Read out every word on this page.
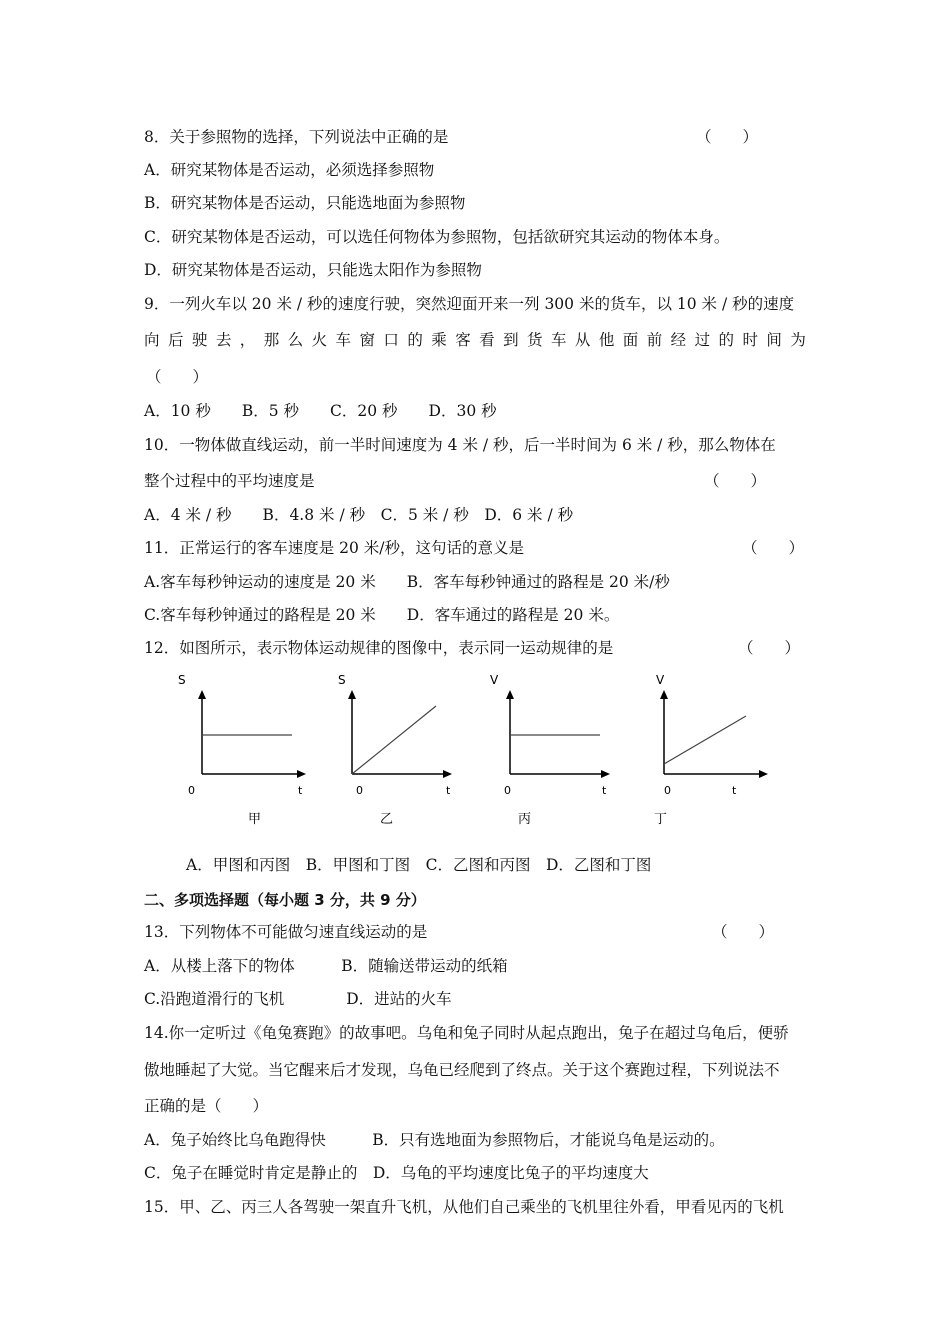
8．关于参照物的选择，下列说法中正确的是	（　　）
A．研究某物体是否运动，必须选择参照物
B．研究某物体是否运动，只能选地面为参照物
C．研究某物体是否运动，可以选任何物体为参照物，包括欲研究其运动的物体本身。
D．研究某物体是否运动，只能选太阳作为参照物
9．一列火车以 20 米 / 秒的速度行驶，突然迎面开来一列 300 米的货车，以 10 米 / 秒的速度
向 后 驶 去 ， 那 么 火 车 窗 口 的 乘 客 看 到 货 车 从 他 面 前 经 过 的 时 间 为
（　　）
A．10 秒　　B．5 秒　　C．20 秒　　D．30 秒
10．一物体做直线运动，前一半时间速度为 4 米 / 秒，后一半时间为 6 米 / 秒，那么物体在
整个过程中的平均速度是	（　　）
A．4 米 / 秒　　B．4.8 米 / 秒　C．5 米 / 秒　D．6 米 / 秒
11．正常运行的客车速度是 20 米/秒，这句话的意义是	（　　）
A.客车每秒钟运动的速度是 20 米　　B．客车每秒钟通过的路程是 20 米/秒
C.客车每秒钟通过的路程是 20 米　　D．客车通过的路程是 20 米。
12．如图所示，表示物体运动规律的图像中，表示同一运动规律的是	（　　）
S
0	t
甲
S
0	t
乙
V
0	t
丙
V
0	t
丁
A．甲图和丙图　B．甲图和丁图　C．乙图和丙图　D．乙图和丁图
二、多项选择题（每小题 3 分，共 9 分）
13．下列物体不可能做匀速直线运动的是	（　　）
A．从楼上落下的物体　　　B．随输送带运动的纸箱
C.沿跑道滑行的飞机　　　　D．进站的火车
14.你一定听过《龟兔赛跑》的故事吧。乌龟和兔子同时从起点跑出，兔子在超过乌龟后，便骄
傲地睡起了大觉。当它醒来后才发现，乌龟已经爬到了终点。关于这个赛跑过程，下列说法不
正确的是（　　）
A．兔子始终比乌龟跑得快　　　B．只有选地面为参照物后，才能说乌龟是运动的。
C．兔子在睡觉时肯定是静止的　D．乌龟的平均速度比兔子的平均速度大
15．甲、乙、丙三人各驾驶一架直升飞机，从他们自己乘坐的飞机里往外看，甲看见丙的飞机
